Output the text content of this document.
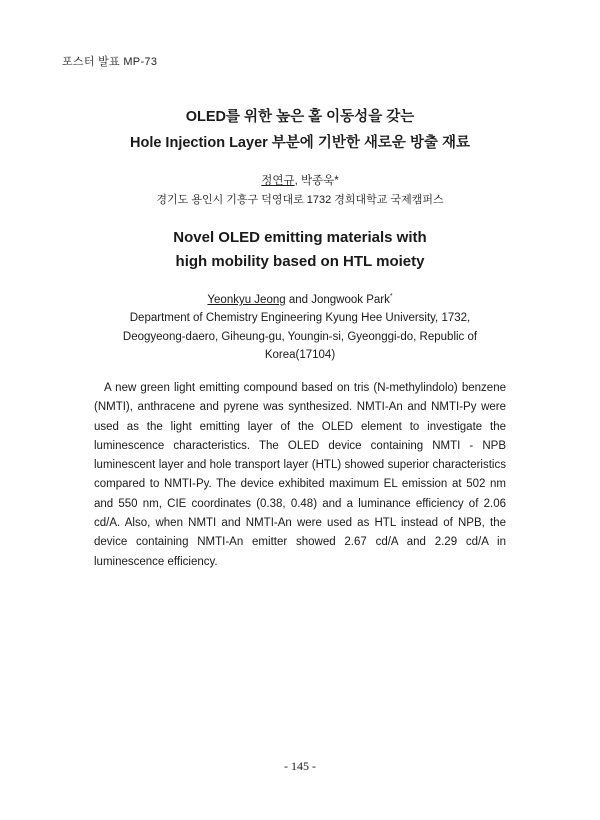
포스터 발표 MP-73
OLED를 위한 높은 홀 이동성을 갖는
Hole Injection Layer 부분에 기반한 새로운 방출 재료
정연규, 박종욱*
경기도 용인시 기흥구 덕영대로 1732 경희대학교 국제캠퍼스
Novel OLED emitting materials with
high mobility based on HTL moiety
Yeonkyu Jeong and Jongwook Park*
Department of Chemistry Engineering Kyung Hee University, 1732,
Deogyeong-daero, Giheung-gu, Youngin-si, Gyeonggi-do, Republic of
Korea(17104)

A new green light emitting compound based on tris (N-methylindolo) benzene (NMTI), anthracene and pyrene was synthesized. NMTI-An and NMTI-Py were used as the light emitting layer of the OLED element to investigate the luminescence characteristics. The OLED device containing NMTI - NPB luminescent layer and hole transport layer (HTL) showed superior characteristics compared to NMTI-Py. The device exhibited maximum EL emission at 502 nm and 550 nm, CIE coordinates (0.38, 0.48) and a luminance efficiency of 2.06 cd/A. Also, when NMTI and NMTI-An were used as HTL instead of NPB, the device containing NMTI-An emitter showed 2.67 cd/A and 2.29 cd/A in luminescence efficiency.

- 145 -
